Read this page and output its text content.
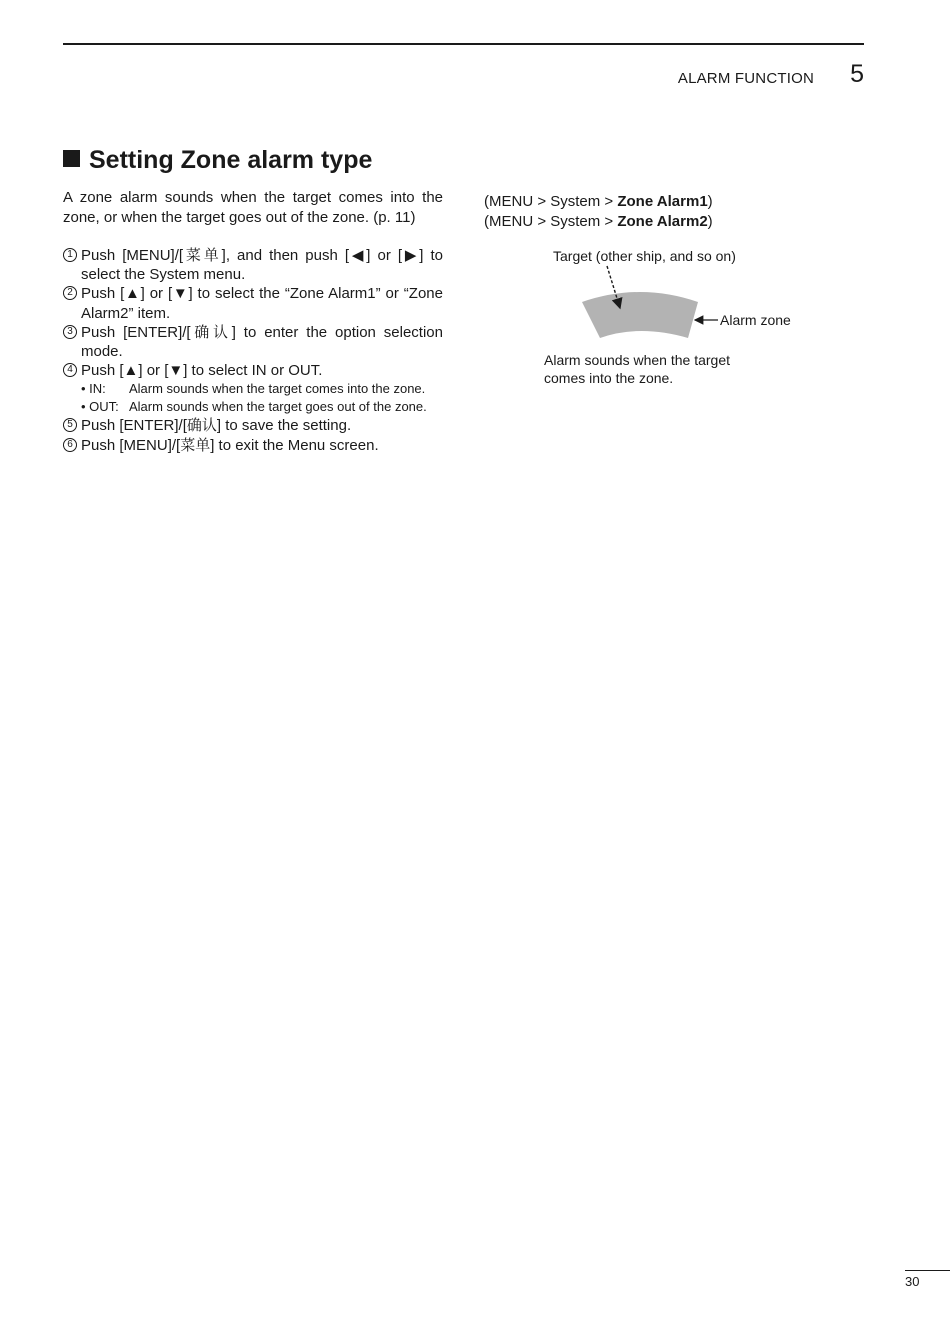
ALARM FUNCTION	5
Setting Zone alarm type
A zone alarm sounds when the target comes into the zone, or when the target goes out of the zone. (p. 11)
1 Push [MENU]/[菜单], and then push [◀] or [▶] to select the System menu.
2 Push [▲] or [▼] to select the “Zone Alarm1” or “Zone Alarm2” item.
3 Push [ENTER]/[确认] to enter the option selection mode.
4 Push [▲] or [▼] to select IN or OUT.
• IN:	Alarm sounds when the target comes into the zone.
• OUT: Alarm sounds when the target goes out of the zone.
5 Push [ENTER]/[确认] to save the setting.
6 Push [MENU]/[菜单] to exit the Menu screen.
(MENU > System > Zone Alarm1)
(MENU > System > Zone Alarm2)
Target (other ship, and so on)
Alarm zone
Alarm sounds when the target comes into the zone.
30
